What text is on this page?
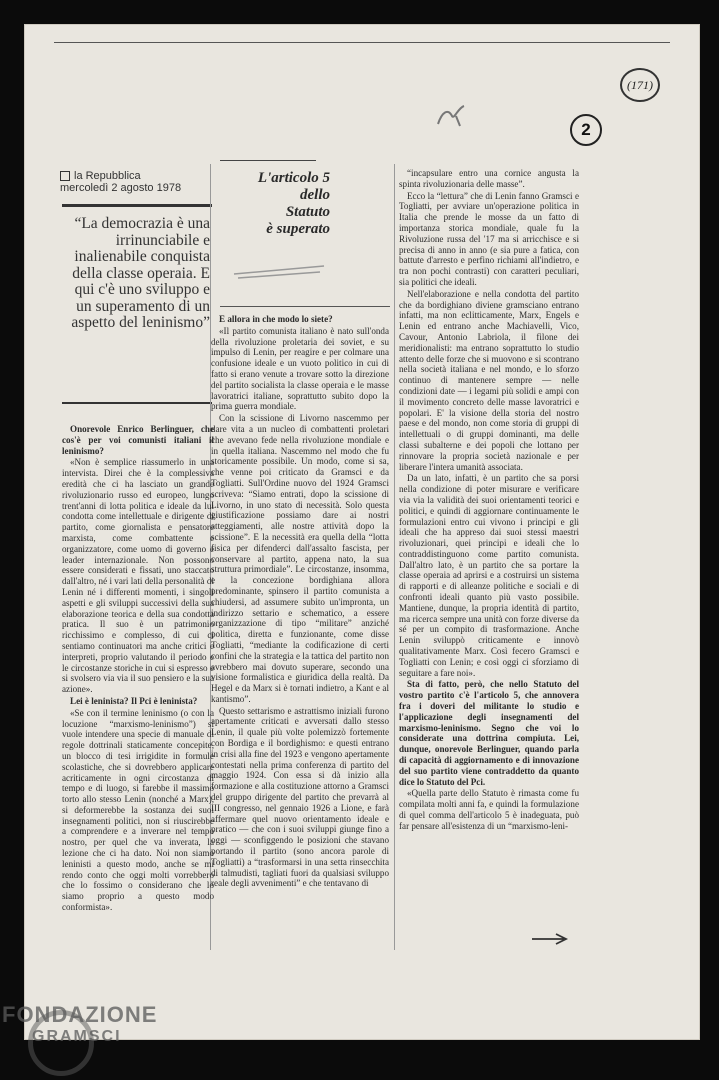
(171)
2
la Repubblica
mercoledì 2 agosto 1978
“La democrazia è una irrinunciabile e inalienabile conquista della classe operaia. E qui c'è uno sviluppo e un superamento di un aspetto del leninismo”
L'articolo 5
dello
Statuto
è superato

Onorevole Enrico Berlinguer, che cos'è per voi comunisti italiani il leninismo?

«Non è semplice riassumerlo in una intervista. Direi che è la complessiva eredità che ci ha lasciato un grande rivoluzionario russo ed europeo, lungo trent'anni di lotta politica e ideale da lui condotta come intellettuale e dirigente di partito, come giornalista e pensatore marxista, come combattente e organizzatore, come uomo di governo e leader internazionale. Non possono essere considerati e fissati, uno staccato dall'altro, né i vari lati della personalità di Lenin né i differenti momenti, i singoli aspetti e gli sviluppi successivi della sua elaborazione teorica e della sua condotta pratica. Il suo è un patrimonio ricchissimo e complesso, di cui ci sentiamo continuatori ma anche critici e interpreti, proprio valutando il periodo e le circostanze storiche in cui si espresso e si svolsero via via il suo pensiero e la sua azione».

Lei è leninista? Il Pci è leninista?

«Se con il termine leninismo (o con la locuzione “marxismo-leninismo”) si vuole intendere una specie di manuale di regole dottrinali staticamente concepite, un blocco di tesi irrigidite in formule scolastiche, che si dovrebbero applicare acriticamente in ogni circostanza di tempo e di luogo, si farebbe il massimo torto allo stesso Lenin (nonché a Marx), si deformerebbe la sostanza dei suoi insegnamenti politici, non si riuscirebbe a comprendere e a inverare nel tempo nostro, per quel che va inverata, la lezione che ci ha dato. Noi non siamo leninisti a questo modo, anche se mi rendo conto che oggi molti vorrebbero che lo fossimo o considerano che lo siamo proprio a questo modo conformista».

E allora in che modo lo siete?

«Il partito comunista italiano è nato sull'onda della rivoluzione proletaria dei soviet, e su impulso di Lenin, per reagire e per colmare una confusione ideale e un vuoto politico in cui di fatto si erano venute a trovare sotto la direzione del partito socialista la classe operaia e le masse lavoratrici italiane, soprattutto subito dopo la prima guerra mondiale.

Con la scissione di Livorno nascemmo per dare vita a un nucleo di combattenti proletari che avevano fede nella rivoluzione mondiale e in quella italiana. Nascemmo nel modo che fu storicamente possibile. Un modo, come si sa, che venne poi criticato da Gramsci e da Togliatti. Sull'Ordine nuovo del 1924 Gramsci scriveva: “Siamo entrati, dopo la scissione di Livorno, in uno stato di necessità. Solo questa giustificazione possiamo dare ai nostri atteggiamenti, alle nostre attività dopo la scissione”. E la necessità era quella della “lotta fisica per difenderci dall'assalto fascista, per conservare al partito, appena nato, la sua struttura primordiale”. Le circostanze, insomma, e la concezione bordighiana allora predominante, spinsero il partito comunista a chiudersi, ad assumere subito un'impronta, un indirizzo settario e schematico, a essere organizzazione di tipo “militare” anziché politica, diretta e funzionante, come disse Togliatti, “mediante la codificazione di certi confini che la strategia e la tattica del partito non avrebbero mai dovuto superare, secondo una visione formalistica e giuridica della realtà. Da Hegel e da Marx si è tornati indietro, a Kant e al kantismo”.

Questo settarismo e astrattismo iniziali furono apertamente criticati e avversati dallo stesso Lenin, il quale più volte polemizzò fortemente con Bordiga e il bordighismo: e questi entrano in crisi alla fine del 1923 e vengono apertamente contestati nella prima conferenza di partito del maggio 1924. Con essa si dà inizio alla formazione e alla costituzione attorno a Gramsci del gruppo dirigente del partito che prevarrà al III congresso, nel gennaio 1926 a Lione, e farà affermare quel nuovo orientamento ideale e pratico — che con i suoi sviluppi giunge fino a oggi — sconfiggendo le posizioni che stavano portando il partito (sono ancora parole di Togliatti) a “trasformarsi in una setta rinsecchita di talmudisti, tagliati fuori da qualsiasi sviluppo reale degli avvenimenti” e che tentavano di

“incapsulare entro una cornice angusta la spinta rivoluzionaria delle masse”.

Ecco la “lettura” che di Lenin fanno Gramsci e Togliatti, per avviare un'operazione politica in Italia che prende le mosse da un fatto di importanza storica mondiale, quale fu la Rivoluzione russa del '17 ma si arricchisce e si precisa di anno in anno (e sia pure a fatica, con battute d'arresto e perfino richiami all'indietro, e tra non pochi contrasti) con caratteri peculiari, sia politici che ideali.

Nell'elaborazione e nella condotta del partito che da bordighiano diviene gramsciano entrano infatti, ma non eclitticamente, Marx, Engels e Lenin ed entrano anche Machiavelli, Vico, Cavour, Antonio Labriola, il filone dei meridionalisti: ma entrano soprattutto lo studio attento delle forze che si muovono e si scontrano nella società italiana e nel mondo, e lo sforzo continuo di mantenere sempre — nelle condizioni date — i legami più solidi e ampi con il movimento concreto delle masse lavoratrici e popolari. E' la visione della storia del nostro paese e del mondo, non come storia di gruppi di intellettuali o di gruppi dominanti, ma delle classi subalterne e dei popoli che lottano per rinnovare la propria società nazionale e per liberare l'intera umanità associata.

Da un lato, infatti, è un partito che sa porsi nella condizione di poter misurare e verificare via via la validità dei suoi orientamenti teorici e politici, e quindi di aggiornare continuamente le formulazioni entro cui vivono i principi e gli ideali che ha appreso dai suoi stessi maestri rivoluzionari, quei principi e ideali che lo contraddistinguono come partito comunista. Dall'altro lato, è un partito che sa portare la classe operaia ad aprirsi e a costruirsi un sistema di rapporti e di alleanze politiche e sociali e di confronti ideali quanto più vasto possibile. Mantiene, dunque, la propria identità di partito, ma ricerca sempre una unità con forze diverse da sé per un compito di trasformazione. Anche Lenin sviluppò criticamente e innovò qualitativamente Marx. Così fecero Gramsci e Togliatti con Lenin; e così oggi ci sforziamo di seguitare a fare noi».

Sta di fatto, però, che nello Statuto del vostro partito c'è l'articolo 5, che annovera fra i doveri del militante lo studio e l'applicazione degli insegnamenti del marxismo-leninismo. Segno che voi lo considerate una dottrina compiuta. Lei, dunque, onorevole Berlinguer, quando parla di capacità di aggiornamento e di innovazione del suo partito viene contraddetto da quanto dice lo Statuto del Pci.

«Quella parte dello Statuto è rimasta come fu compilata molti anni fa, e quindi la formulazione di quel comma dell'articolo 5 è inadeguata, può far pensare all'esistenza di un “marxismo-leni-

FONDAZIONE
GRAMSCI
